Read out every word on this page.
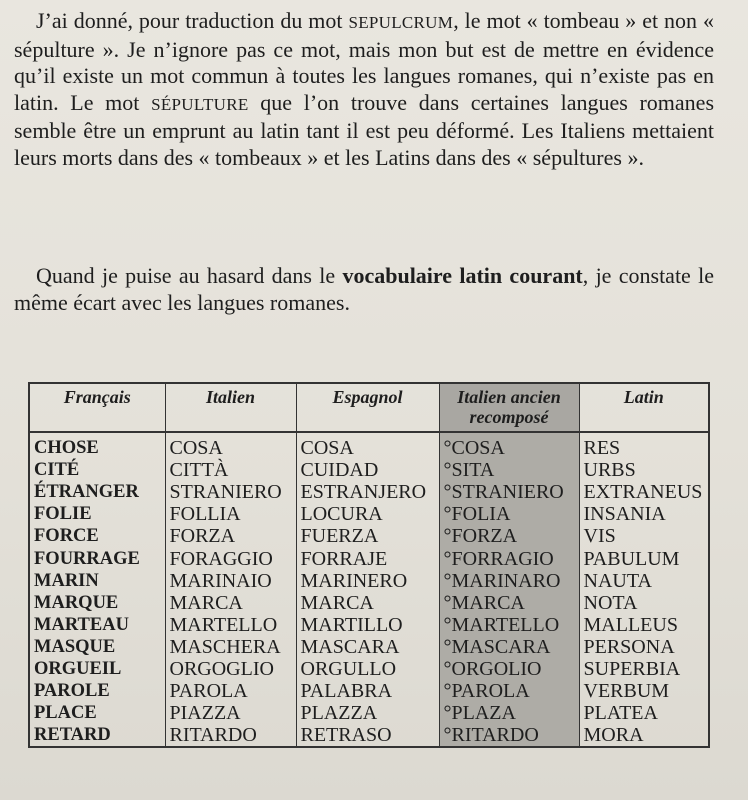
J’ai donné, pour traduction du mot SEPULCRUM, le mot « tombeau » et non « sépulture ». Je n’ignore pas ce mot, mais mon but est de mettre en évidence qu’il existe un mot commun à toutes les langues romanes, qui n’existe pas en latin. Le mot SÉPULTURE que l’on trouve dans certaines langues romanes semble être un emprunt au latin tant il est peu déformé. Les Italiens mettaient leurs morts dans des « tombeaux » et les Latins dans des « sépultures ».

Quand je puise au hasard dans le vocabulaire latin courant, je constate le même écart avec les langues romanes.

Français	Italien	Espagnol	Italien ancien recomposé	Latin
CHOSE	COSA	COSA	°COSA	RES
CITÉ	CITTÀ	CUIDAD	°SITA	URBS
ÉTRANGER	STRANIERO	ESTRANJERO	°STRANIERO	EXTRANEUS
FOLIE	FOLLIA	LOCURA	°FOLIA	INSANIA
FORCE	FORZA	FUERZA	°FORZA	VIS
FOURRAGE	FORAGGIO	FORRAJE	°FORRAGIO	PABULUM
MARIN	MARINAIO	MARINERO	°MARINARO	NAUTA
MARQUE	MARCA	MARCA	°MARCA	NOTA
MARTEAU	MARTELLO	MARTILLO	°MARTELLO	MALLEUS
MASQUE	MASCHERA	MASCARA	°MASCARA	PERSONA
ORGUEIL	ORGOGLIO	ORGULLO	°ORGOLIO	SUPERBIA
PAROLE	PAROLA	PALABRA	°PAROLA	VERBUM
PLACE	PIAZZA	PLAZZA	°PLAZA	PLATEA
RETARD	RITARDO	RETRASO	°RITARDO	MORA
